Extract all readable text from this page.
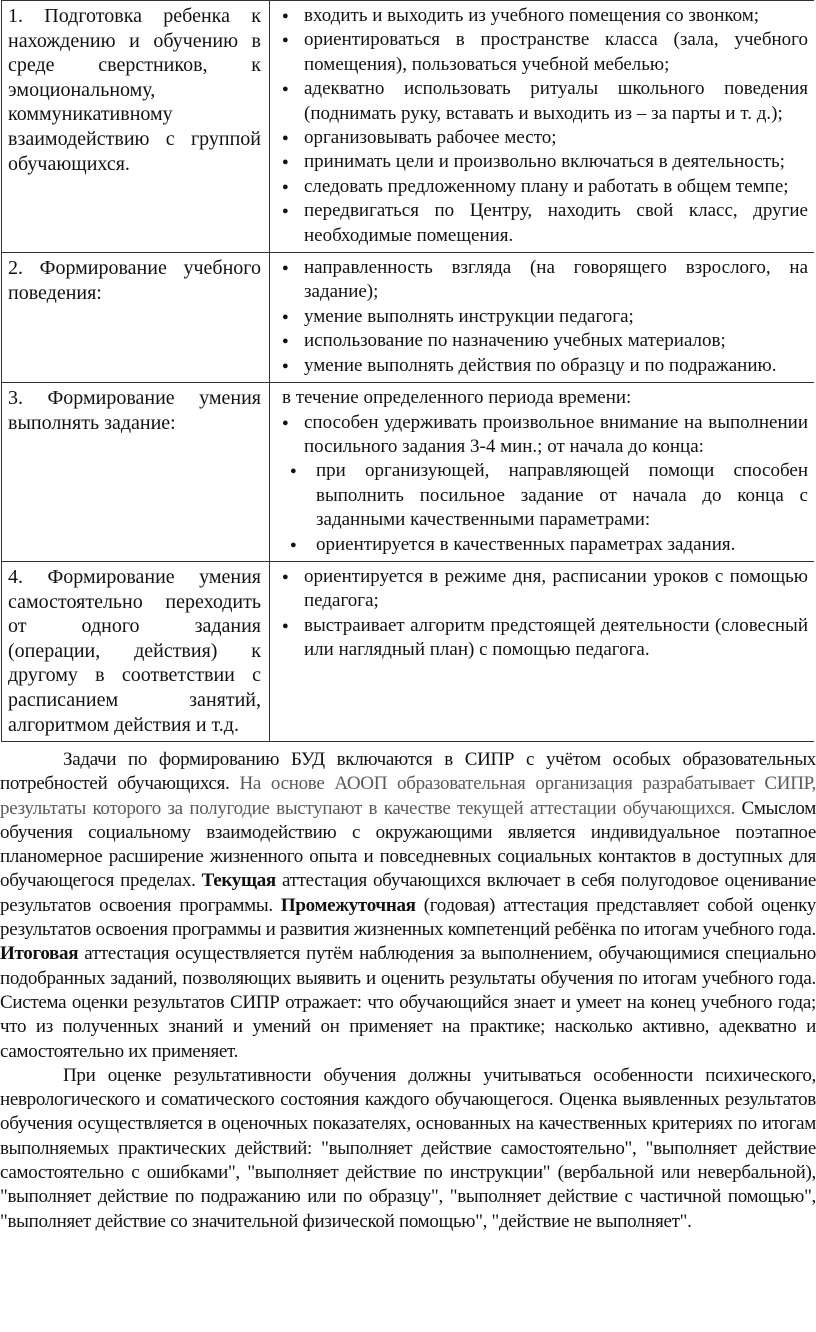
1. Подготовка ребенка к
нахождению и обучению в
среде сверстников, к
эмоциональному,
коммуникативному
взаимодействию с группой
обучающихся.
● входить и выходить из учебного помещения со звонком;
● ориентироваться в пространстве класса (зала, учебного помещения), пользоваться учебной мебелью;
● адекватно использовать ритуалы школьного поведения (поднимать руку, вставать и выходить из – за парты и т. д.);
● организовывать рабочее место;
● принимать цели и произвольно включаться в деятельность;
● следовать предложенному плану и работать в общем темпе;
● передвигаться по Центру, находить свой класс, другие необходимые помещения.
2. Формирование учебного
поведения:
● направленность взгляда (на говорящего взрослого, на задание);
● умение выполнять инструкции педагога;
● использование по назначению учебных материалов;
● умение выполнять действия по образцу и по подражанию.
3. Формирование умения
выполнять задание:
в течение определенного периода времени:
● способен удерживать произвольное внимание на выполнении посильного задания 3-4 мин.; от начала до конца:
● при организующей, направляющей помощи способен выполнить посильное задание от начала до конца с заданными качественными параметрами:
● ориентируется в качественных параметрах задания.
4. Формирование умения
самостоятельно переходить
от одного задания
(операции, действия) к
другому в соответствии с
расписанием занятий,
алгоритмом действия и т.д.
● ориентируется в режиме дня, расписании уроков с помощью педагога;
● выстраивает алгоритм предстоящей деятельности (словесный или наглядный план) с помощью педагога.
Задачи по формированию БУД включаются в СИПР с учётом особых образовательных потребностей обучающихся. На основе АООП образовательная организация разрабатывает СИПР, результаты которого за полугодие выступают в качестве текущей аттестации обучающихся. Смыслом обучения социальному взаимодействию с окружающими является индивидуальное поэтапное планомерное расширение жизненного опыта и повседневных социальных контактов в доступных для обучающегося пределах. Текущая аттестация обучающихся включает в себя полугодовое оценивание результатов освоения программы. Промежуточная (годовая) аттестация представляет собой оценку результатов освоения программы и развития жизненных компетенций ребёнка по итогам учебного года. Итоговая аттестация осуществляется путём наблюдения за выполнением, обучающимися специально подобранных заданий, позволяющих выявить и оценить результаты обучения по итогам учебного года. Система оценки результатов СИПР отражает: что обучающийся знает и умеет на конец учебного года; что из полученных знаний и умений он применяет на практике; насколько активно, адекватно и самостоятельно их применяет.
При оценке результативности обучения должны учитываться особенности психического, неврологического и соматического состояния каждого обучающегося. Оценка выявленных результатов обучения осуществляется в оценочных показателях, основанных на качественных критериях по итогам выполняемых практических действий: "выполняет действие самостоятельно", "выполняет действие самостоятельно с ошибками", "выполняет действие по инструкции" (вербальной или невербальной), "выполняет действие по подражанию или по образцу", "выполняет действие с частичной помощью", "выполняет действие со значительной физической помощью", "действие не выполняет".
